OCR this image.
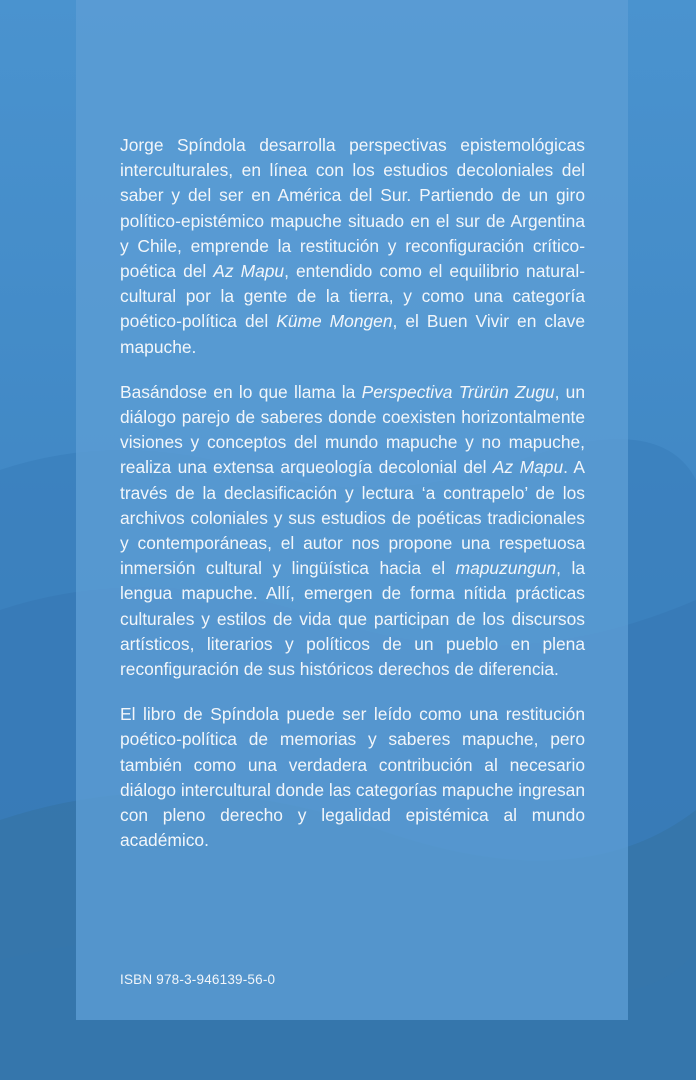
Jorge Spíndola desarrolla perspectivas epistemológicas interculturales, en línea con los estudios decoloniales del saber y del ser en América del Sur. Partiendo de un giro político-epistémico mapuche situado en el sur de Argentina y Chile, emprende la restitución y reconfiguración crítico-poética del Az Mapu, entendido como el equilibrio natural-cultural por la gente de la tierra, y como una categoría poético-política del Küme Mongen, el Buen Vivir en clave mapuche.

Basándose en lo que llama la Perspectiva Trürün Zugu, un diálogo parejo de saberes donde coexisten horizontalmente visiones y conceptos del mundo mapuche y no mapuche, realiza una extensa arqueología decolonial del Az Mapu. A través de la declasificación y lectura ‘a contrapelo’ de los archivos coloniales y sus estudios de poéticas tradicionales y contemporáneas, el autor nos propone una respetuosa inmersión cultural y lingüística hacia el mapuzungun, la lengua mapuche. Allí, emergen de forma nítida prácticas culturales y estilos de vida que participan de los discursos artísticos, literarios y políticos de un pueblo en plena reconfiguración de sus históricos derechos de diferencia.

El libro de Spíndola puede ser leído como una restitución poético-política de memorias y saberes mapuche, pero también como una verdadera contribución al necesario diálogo intercultural donde las categorías mapuche ingresan con pleno derecho y legalidad epistémica al mundo académico.

ISBN 978-3-946139-56-0
